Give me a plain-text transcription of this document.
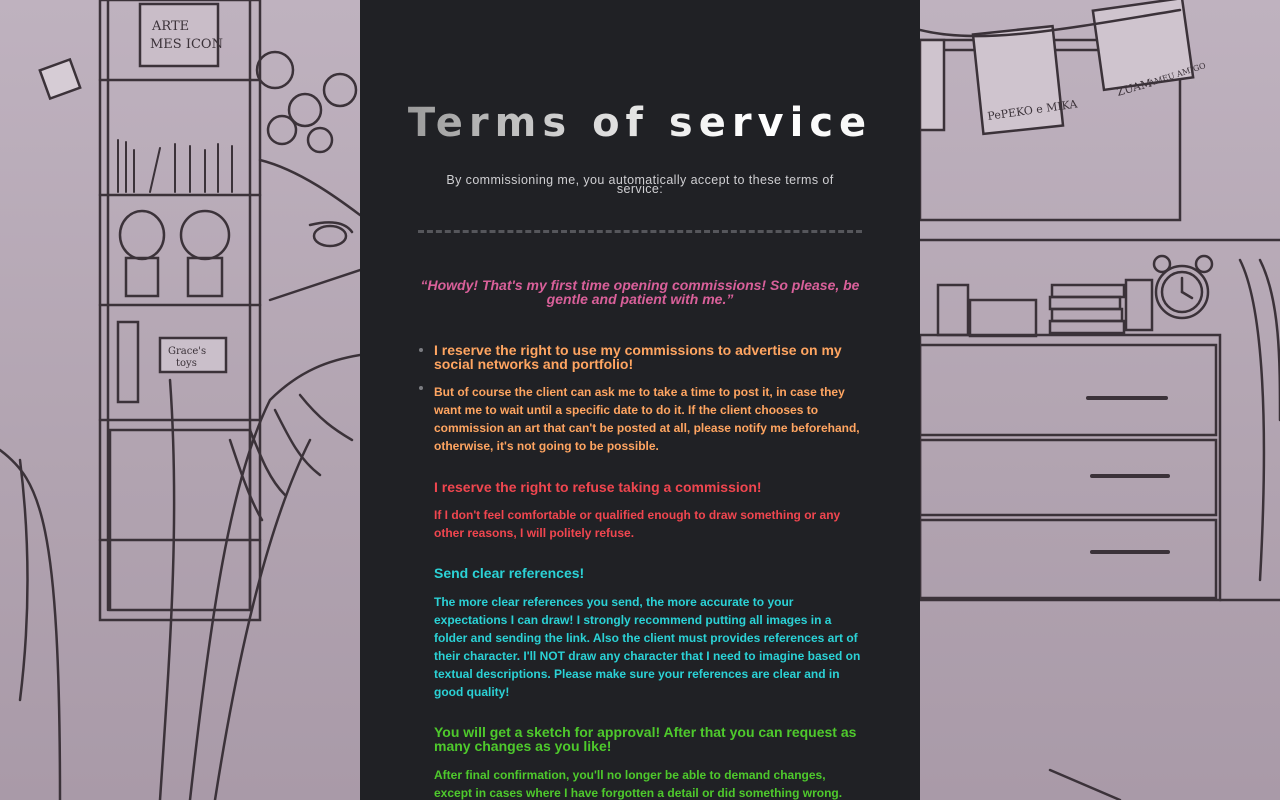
ARTE
MES ICON
Grace's
toys
PePEKO e MIKA
ZUAM
AMEU AMIGO
Terms of service
By commissioning me, you automatically accept to these terms of service:
“Howdy! That's my first time opening commissions! So please, be gentle and patient with me.”
I reserve the right to use my commissions to advertise on my social networks and portfolio!

But of course the client can ask me to take a time to post it, in case they want me to wait until a specific date to do it. If the client chooses to commission an art that can't be posted at all, please notify me beforehand, otherwise, it's not going to be possible.

I reserve the right to refuse taking a commission!

If I don't feel comfortable or qualified enough to draw something or any other reasons, I will politely refuse.

Send clear references!

The more clear references you send, the more accurate to your expectations I can draw! I strongly recommend putting all images in a folder and sending the link. Also the client must provides references art of their character. I'll NOT draw any character that I need to imagine based on textual descriptions. Please make sure your references are clear and in good quality!

You will get a sketch for approval! After that you can request as many changes as you like!

After final confirmation, you'll no longer be able to demand changes, except in cases where I have forgotten a detail or did something wrong.
